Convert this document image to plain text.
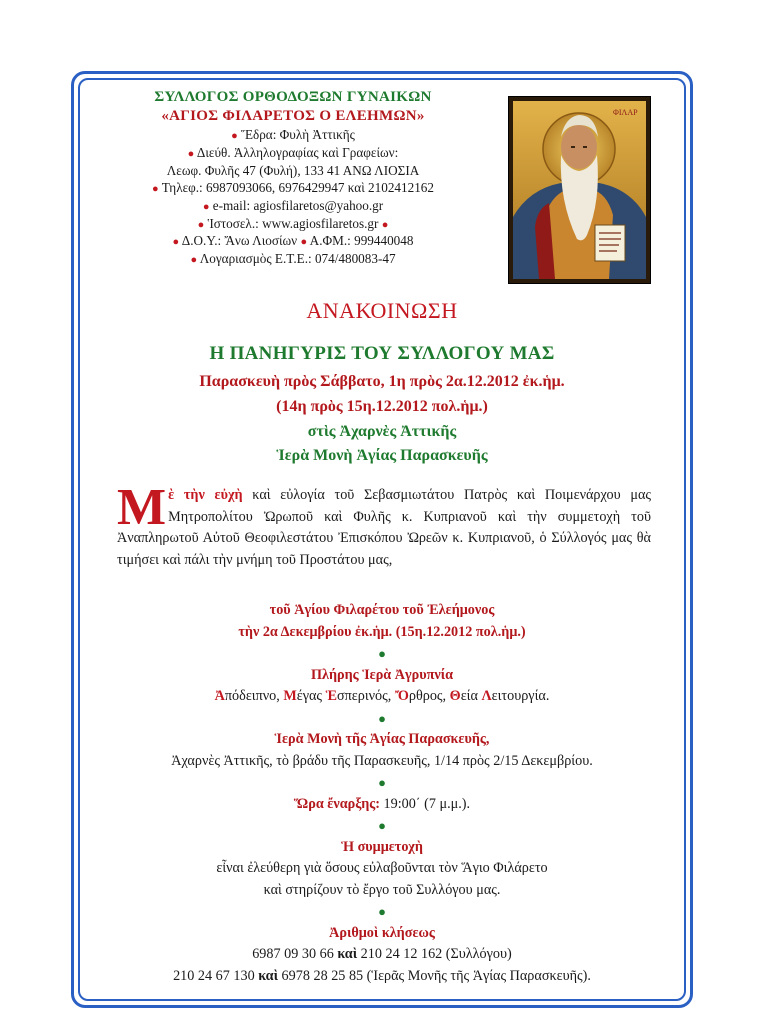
ΣΥΛΛΟΓΟΣ ΟΡΘΟΔΟΞΩΝ ΓΥΝΑΙΚΩΝ
«ΑΓΙΟΣ ΦΙΛΑΡΕΤΟΣ Ο ΕΛΕΗΜΩΝ»
● Ἕδρα: Φυλὴ Ἀττικῆς
● Διεύθ. Ἀλληλογραφίας καὶ Γραφείων:
Λεωφ. Φυλῆς 47 (Φυλή), 133 41 ΑΝΩ ΛΙΟΣΙΑ
● Τηλεφ.: 6987093066, 6976429947 καὶ 2102412162
● e-mail: agiosfilaretos@yahoo.gr
● Ἱστοσελ.: www.agiosfilaretos.gr ●
● Δ.Ο.Υ.: Ἄνω Λιοσίων ● Α.ΦΜ.: 999440048
● Λογαριασμὸς Ε.Τ.Ε.: 074/480083-47
ΦΙΛΑΡ
ΑΝΑΚΟΙΝΩΣΗ
Η ΠΑΝΗΓΥΡΙΣ ΤΟΥ ΣΥΛΛΟΓΟΥ ΜΑΣ
Παρασκευὴ πρὸς Σάββατο, 1η πρὸς 2α.12.2012 ἐκ.ἡμ.
(14η πρὸς 15η.12.2012 πολ.ἡμ.)
στὶς Ἀχαρνὲς Ἀττικῆς
Ἱερὰ Μονὴ Ἁγίας Παρασκευῆς
Μὲ τὴν εὐχὴ καὶ εὐλογία τοῦ Σεβασμιωτάτου Πατρὸς καὶ Ποιμενάρχου μας Μητροπολίτου Ὠρωποῦ καὶ Φυλῆς κ. Κυπριανοῦ καὶ τὴν συμμετοχὴ τοῦ Ἀναπληρωτοῦ Αὐτοῦ Θεοφιλεστάτου Ἐπισκόπου Ὠρεῶν κ. Κυπριανοῦ, ὁ Σύλλογός μας θὰ τιμήσει καὶ πάλι τὴν μνήμη τοῦ Προστάτου μας,
τοῦ Ἁγίου Φιλαρέτου τοῦ Ἐλεήμονος
τὴν 2α Δεκεμβρίου ἐκ.ἡμ. (15η.12.2012 πολ.ἡμ.)
●
Πλήρης Ἱερὰ Ἀγρυπνία
Ἀπόδειπνο, Μέγας Ἑσπερινός, Ὄρθρος, Θεία Λειτουργία.
●
Ἱερὰ Μονὴ τῆς Ἁγίας Παρασκευῆς,
Ἀχαρνὲς Ἀττικῆς, τὸ βράδυ τῆς Παρασκευῆς, 1/14 πρὸς 2/15 Δεκεμβρίου.
●
Ὥρα ἔναρξης: 19:00΄ (7 μ.μ.).
●
Ἡ συμμετοχὴ
εἶναι ἐλεύθερη γιὰ ὅσους εὐλαβοῦνται τὸν Ἅγιο Φιλάρετο
καὶ στηρίζουν τὸ ἔργο τοῦ Συλλόγου μας.
●
Ἀριθμοὶ κλήσεως
6987 09 30 66 καὶ 210 24 12 162 (Συλλόγου)
210 24 67 130 καὶ 6978 28 25 85 (Ἱερᾶς Μονῆς τῆς Ἁγίας Παρασκευῆς).
